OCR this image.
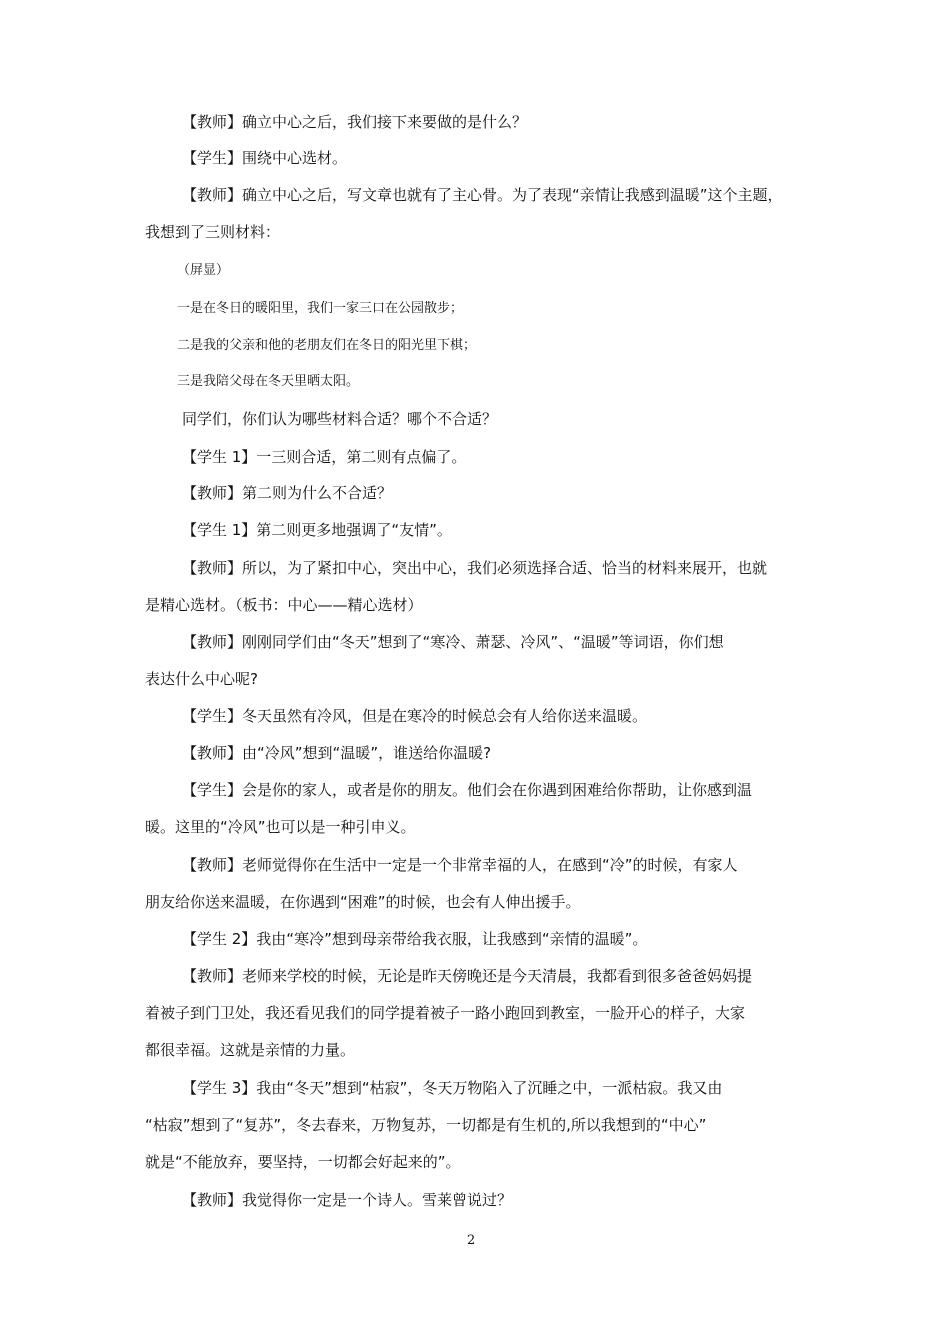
【教师】确立中心之后，我们接下来要做的是什么？
【学生】围绕中心选材。
【教师】确立中心之后，写文章也就有了主心骨。为了表现“亲情让我感到温暖”这个主题，
我想到了三则材料：
（屏显）
一是在冬日的暖阳里，我们一家三口在公园散步；
二是我的父亲和他的老朋友们在冬日的阳光里下棋；
三是我陪父母在冬天里晒太阳。
同学们，你们认为哪些材料合适？哪个不合适？
【学生 1】一三则合适，第二则有点偏了。
【教师】第二则为什么不合适？
【学生 1】第二则更多地强调了“友情”。
【教师】所以，为了紧扣中心，突出中心，我们必须选择合适、恰当的材料来展开，也就
是精心选材。（板书：中心——精心选材）
【教师】刚刚同学们由“冬天”想到了“寒冷、萧瑟、冷风”、“温暖”等词语，你们想
表达什么中心呢?
【学生】冬天虽然有冷风，但是在寒冷的时候总会有人给你送来温暖。
【教师】由“冷风”想到“温暖”，谁送给你温暖?
【学生】会是你的家人，或者是你的朋友。他们会在你遇到困难给你帮助，让你感到温
暖。这里的“冷风”也可以是一种引申义。
【教师】老师觉得你在生活中一定是一个非常幸福的人，在感到“冷”的时候，有家人
朋友给你送来温暖，在你遇到“困难”的时候，也会有人伸出援手。
【学生 2】我由“寒冷”想到母亲带给我衣服，让我感到“亲情的温暖”。
【教师】老师来学校的时候，无论是昨天傍晚还是今天清晨，我都看到很多爸爸妈妈提
着被子到门卫处，我还看见我们的同学提着被子一路小跑回到教室，一脸开心的样子，大家
都很幸福。这就是亲情的力量。
【学生 3】我由“冬天”想到“枯寂”，冬天万物陷入了沉睡之中，一派枯寂。我又由
“枯寂”想到了“复苏”，冬去春来，万物复苏，一切都是有生机的,所以我想到的“中心”
就是“不能放弃，要坚持，一切都会好起来的”。
【教师】我觉得你一定是一个诗人。雪莱曾说过？
2
